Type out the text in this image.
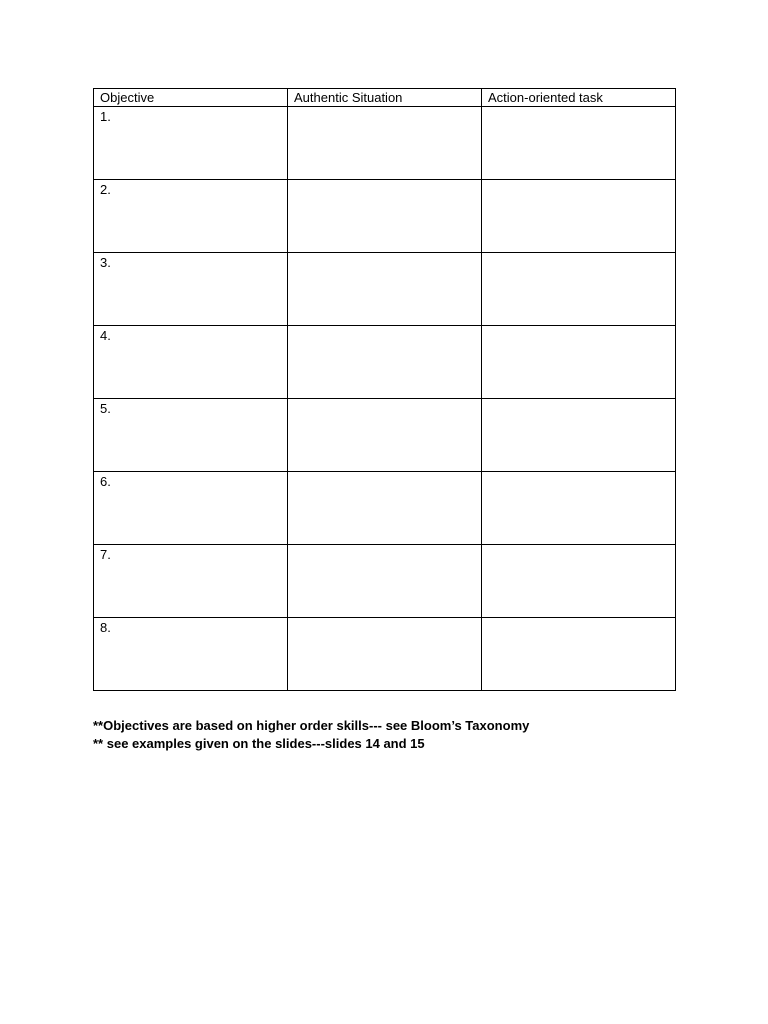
Objective	Authentic Situation	Action-oriented task
1.		
2.		
3.		
4.		
5.		
6.		
7.		
8.		
**Objectives are based on higher order skills--- see Bloom’s Taxonomy
** see examples given on the slides---slides 14 and 15
